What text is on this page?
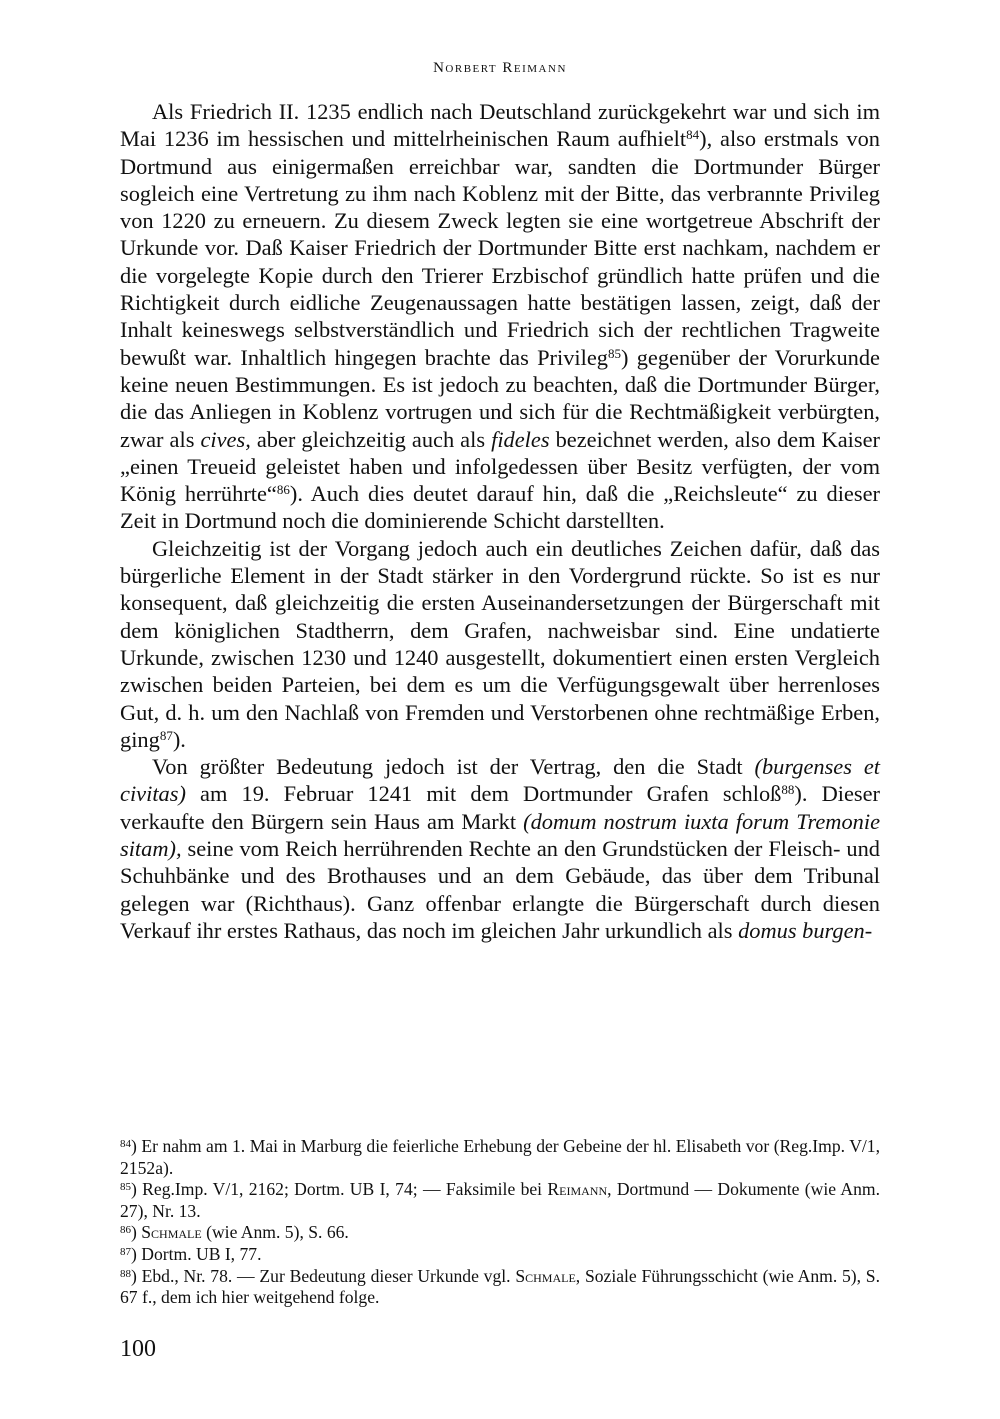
Norbert Reimann

Als Friedrich II. 1235 endlich nach Deutschland zurückgekehrt war und sich im Mai 1236 im hessischen und mittelrheinischen Raum aufhielt$^{84}$), also erstmals von Dortmund aus einigermaßen erreichbar war, sandten die Dortmunder Bürger sogleich eine Vertretung zu ihm nach Koblenz mit der Bitte, das verbrannte Privileg von 1220 zu erneuern. Zu diesem Zweck legten sie eine wortgetreue Abschrift der Urkunde vor. Daß Kaiser Friedrich der Dortmunder Bitte erst nachkam, nachdem er die vorgelegte Kopie durch den Trierer Erzbischof gründlich hatte prüfen und die Richtigkeit durch eidliche Zeugenaussagen hatte bestätigen lassen, zeigt, daß der Inhalt keineswegs selbstverständlich und Friedrich sich der rechtlichen Tragweite bewußt war. Inhaltlich hingegen brachte das Privileg$^{85}$) gegenüber der Vorurkunde keine neuen Bestimmungen. Es ist jedoch zu beachten, daß die Dortmunder Bürger, die das Anliegen in Koblenz vortrugen und sich für die Rechtmäßigkeit verbürgten, zwar als cives, aber gleichzeitig auch als fideles bezeichnet werden, also dem Kaiser „einen Treueid geleistet haben und infolgedessen über Besitz verfügten, der vom König herrührte“$^{86}$). Auch dies deutet darauf hin, daß die „Reichsleute“ zu dieser Zeit in Dortmund noch die dominierende Schicht darstellten.

Gleichzeitig ist der Vorgang jedoch auch ein deutliches Zeichen dafür, daß das bürgerliche Element in der Stadt stärker in den Vordergrund rückte. So ist es nur konsequent, daß gleichzeitig die ersten Auseinandersetzungen der Bürgerschaft mit dem königlichen Stadtherrn, dem Grafen, nachweisbar sind. Eine undatierte Urkunde, zwischen 1230 und 1240 ausgestellt, dokumentiert einen ersten Vergleich zwischen beiden Parteien, bei dem es um die Verfügungsgewalt über herrenloses Gut, d. h. um den Nachlaß von Fremden und Verstorbenen ohne rechtmäßige Erben, ging$^{87}$).

Von größter Bedeutung jedoch ist der Vertrag, den die Stadt (burgenses et civitas) am 19. Februar 1241 mit dem Dortmunder Grafen schloß$^{88}$). Dieser verkaufte den Bürgern sein Haus am Markt (domum nostrum iuxta forum Tremonie sitam), seine vom Reich herrührenden Rechte an den Grundstücken der Fleisch- und Schuhbänke und des Brothauses und an dem Gebäude, das über dem Tribunal gelegen war (Richthaus). Ganz offenbar erlangte die Bürgerschaft durch diesen Verkauf ihr erstes Rathaus, das noch im gleichen Jahr urkundlich als domus burgen-

$^{84}$) Er nahm am 1. Mai in Marburg die feierliche Erhebung der Gebeine der hl. Elisabeth vor (Reg.Imp. V/1, 2152a).

$^{85}$) Reg.Imp. V/1, 2162; Dortm. UB I, 74; — Faksimile bei Reimann, Dortmund — Dokumente (wie Anm. 27), Nr. 13.

$^{86}$) Schmale (wie Anm. 5), S. 66.

$^{87}$) Dortm. UB I, 77.

$^{88}$) Ebd., Nr. 78. — Zur Bedeutung dieser Urkunde vgl. Schmale, Soziale Führungsschicht (wie Anm. 5), S. 67 f., dem ich hier weitgehend folge.

100
